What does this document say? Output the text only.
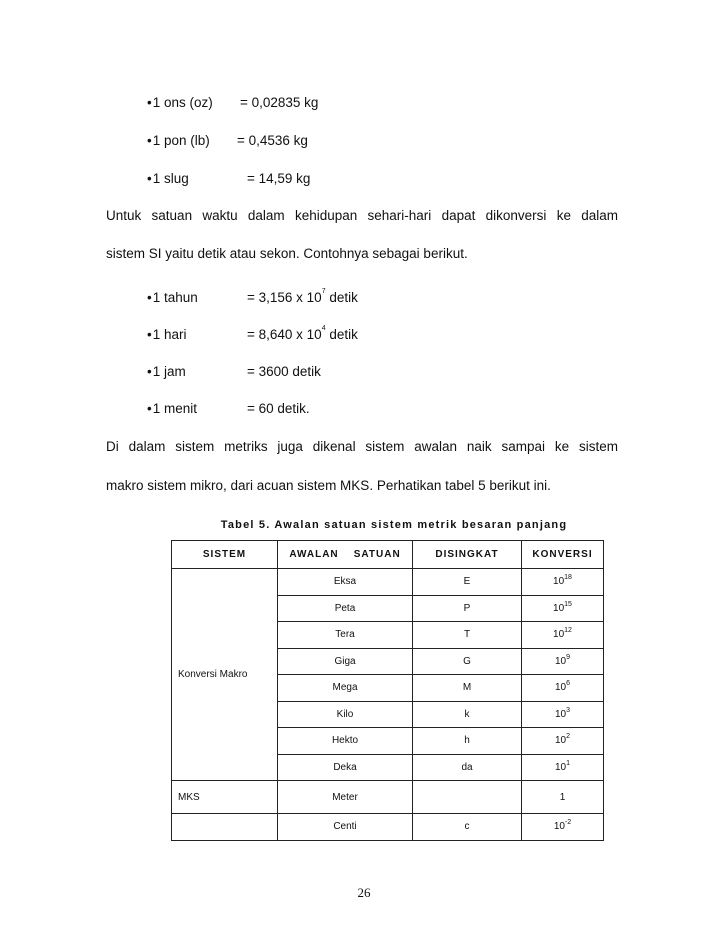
• 1 ons (oz) = 0,02835 kg
• 1 pon (lb) = 0,4536 kg
• 1 slug	= 14,59 kg
Untuk satuan waktu dalam kehidupan sehari-hari dapat dikonversi ke dalam
sistem SI yaitu detik atau sekon. Contohnya sebagai berikut.
• 1 tahun	= 3,156 x $10^7$ detik
• 1 hari	= 8,640 x $10^4$ detik
• 1 jam	= 3600 detik
• 1 menit	= 60 detik.
Di dalam sistem metriks juga dikenal sistem awalan naik sampai ke sistem
makro sistem mikro, dari acuan sistem MKS. Perhatikan tabel 5 berikut ini.
Tabel 5. Awalan satuan sistem metrik besaran panjang
SISTEM	AWALAN    SATUAN	DISINGKAT	KONVERSI
Konversi Makro	Eksa	E	$10^{18}$
	Peta	P	$10^{15}$
	Tera	T	$10^{12}$
	Giga	G	$10^9$
	Mega	M	$10^6$
	Kilo	k	$10^3$
	Hekto	h	$10^2$
	Deka	da	$10^1$
MKS	Meter		1
	Centi	c	$10^{-2}$
26
